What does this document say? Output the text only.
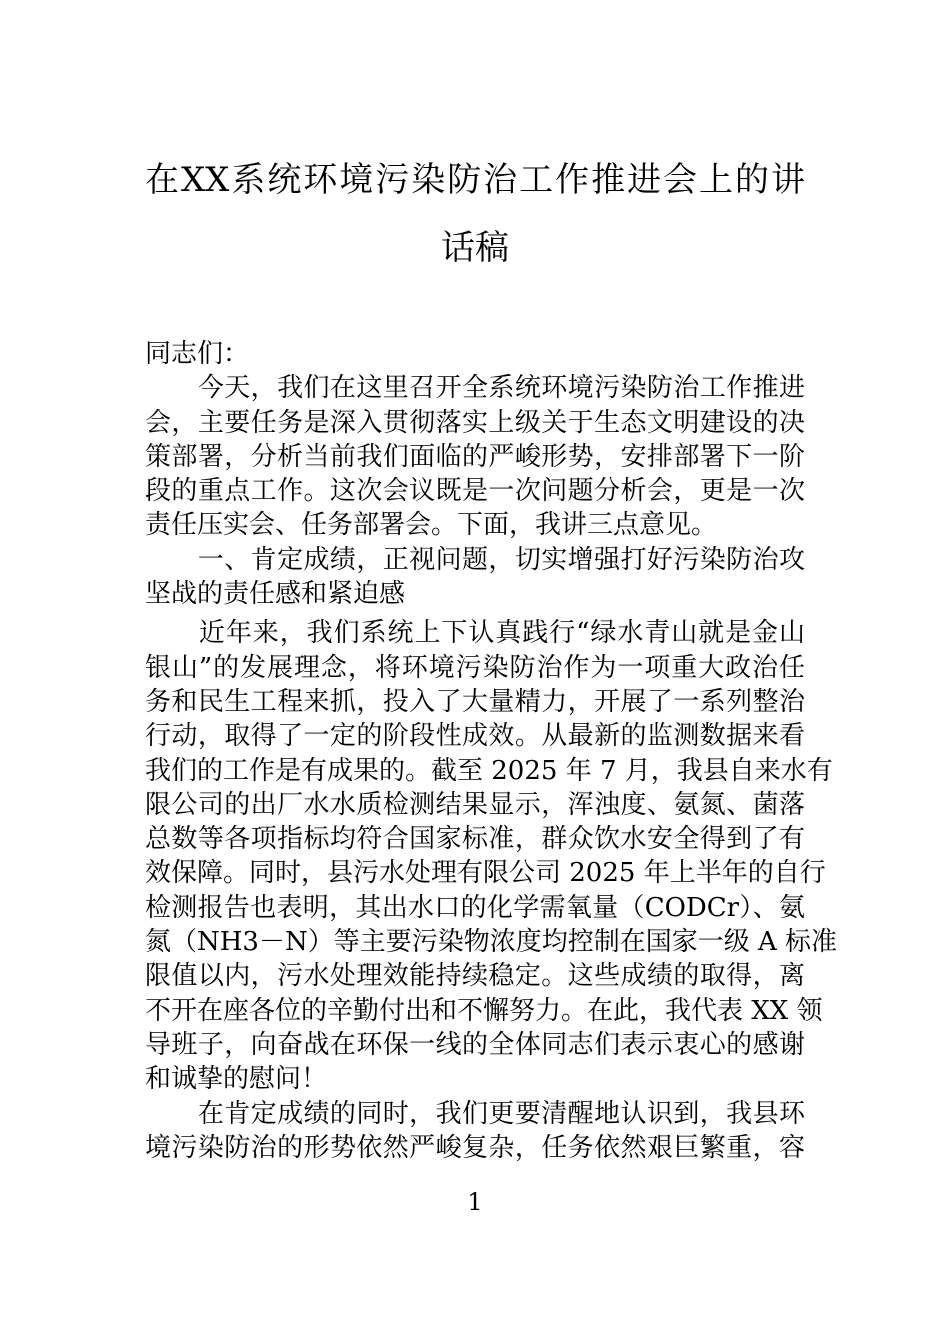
在XX系统环境污染防治工作推进会上的讲
话稿
同志们：
　　今天，我们在这里召开全系统环境污染防治工作推进
会，主要任务是深入贯彻落实上级关于生态文明建设的决
策部署，分析当前我们面临的严峻形势，安排部署下一阶
段的重点工作。这次会议既是一次问题分析会，更是一次
责任压实会、任务部署会。下面，我讲三点意见。
　　一、肯定成绩，正视问题，切实增强打好污染防治攻
坚战的责任感和紧迫感
　　近年来，我们系统上下认真践行“绿水青山就是金山
银山”的发展理念，将环境污染防治作为一项重大政治任
务和民生工程来抓，投入了大量精力，开展了一系列整治
行动，取得了一定的阶段性成效。从最新的监测数据来看
我们的工作是有成果的。截至 2025 年 7 月，我县自来水有
限公司的出厂水水质检测结果显示，浑浊度、氨氮、菌落
总数等各项指标均符合国家标准，群众饮水安全得到了有
效保障。同时，县污水处理有限公司 2025 年上半年的自行
检测报告也表明，其出水口的化学需氧量（CODCr）、氨
氮（NH3－N）等主要污染物浓度均控制在国家一级 A 标准
限值以内，污水处理效能持续稳定。这些成绩的取得，离
不开在座各位的辛勤付出和不懈努力。在此，我代表 XX 领
导班子，向奋战在环保一线的全体同志们表示衷心的感谢
和诚挚的慰问！
　　在肯定成绩的同时，我们更要清醒地认识到，我县环
境污染防治的形势依然严峻复杂，任务依然艰巨繁重，容
1
